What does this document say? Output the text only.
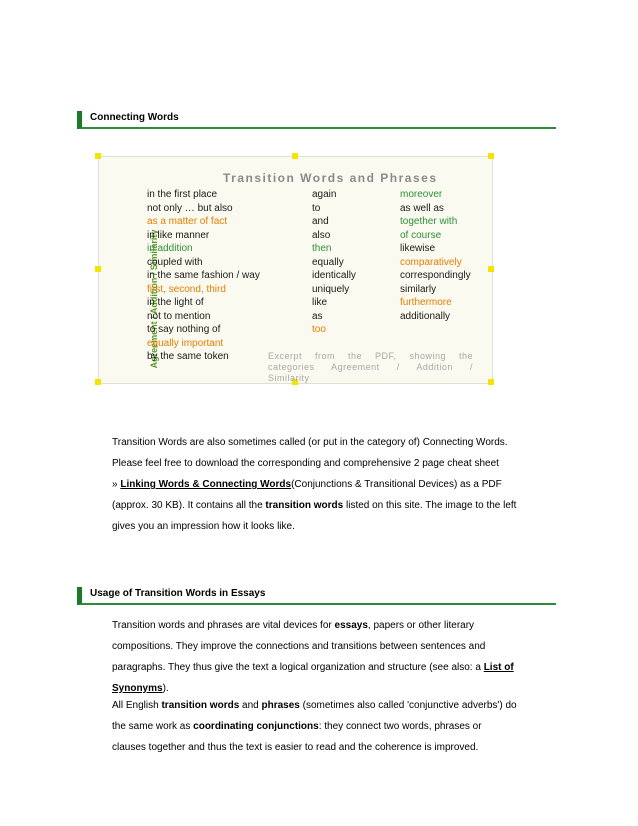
Connecting Words
Transition Words and Phrases
Agreement / Addition / Similarity
in the first place
not only … but also
as a matter of fact
in like manner
in addition
coupled with
in the same fashion / way
first, second, third
in the light of
not to mention
to say nothing of
equally important
by the same token
again
to
and
also
then
equally
identically
uniquely
like
as
too
moreover
as well as
together with
of course
likewise
comparatively
correspondingly
similarly
furthermore
additionally
Excerpt from the PDF, showing the categories Agreement / Addition / Similarity

Transition Words are also sometimes called (or put in the category of) Connecting Words.
Please feel free to download the corresponding and comprehensive 2 page cheat sheet
» Linking Words & Connecting Words(Conjunctions & Transitional Devices) as a PDF
(approx. 30 KB). It contains all the transition words listed on this site. The image to the left
gives you an impression how it looks like.

Usage of Transition Words in Essays

Transition words and phrases are vital devices for essays, papers or other literary
compositions. They improve the connections and transitions between sentences and
paragraphs. They thus give the text a logical organization and structure (see also: a List of
Synonyms).

All English transition words and phrases (sometimes also called 'conjunctive adverbs') do
the same work as coordinating conjunctions: they connect two words, phrases or
clauses together and thus the text is easier to read and the coherence is improved.
